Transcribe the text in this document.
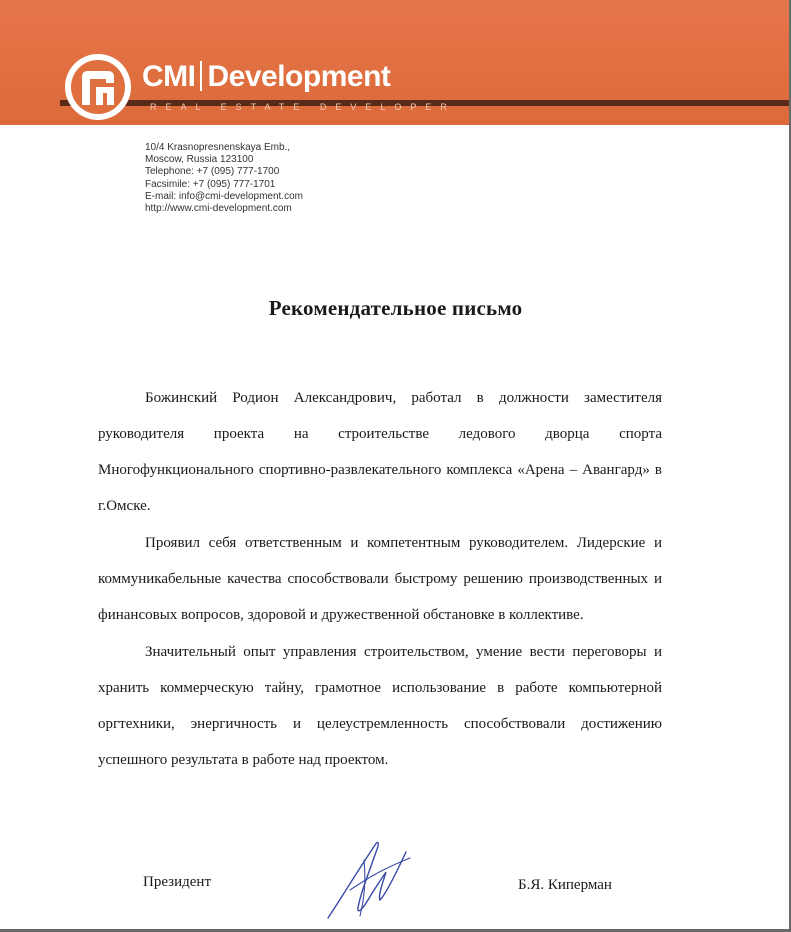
CMI Development
REAL ESTATE DEVELOPER
10/4 Krasnopresnenskaya Emb.,
Moscow, Russia 123100
Telephone: +7 (095) 777-1700
Facsimile: +7 (095) 777-1701
E-mail: info@cmi-development.com
http://www.cmi-development.com
Рекомендательное письмо

Божинский Родион Александрович, работал в должности заместителя руководителя проекта на строительстве ледового дворца спорта Многофункционального спортивно-развлекательного комплекса «Арена – Авангард» в г.Омске.

Проявил себя ответственным и компетентным руководителем. Лидерские и коммуникабельные качества способствовали быстрому решению производственных и финансовых вопросов, здоровой и дружественной обстановке в коллективе.

Значительный опыт управления строительством, умение вести переговоры и хранить коммерческую тайну, грамотное использование в работе компьютерной оргтехники, энергичность и целеустремленность способствовали достижению успешного результата в работе над проектом.

Президент	Б.Я. Киперман
